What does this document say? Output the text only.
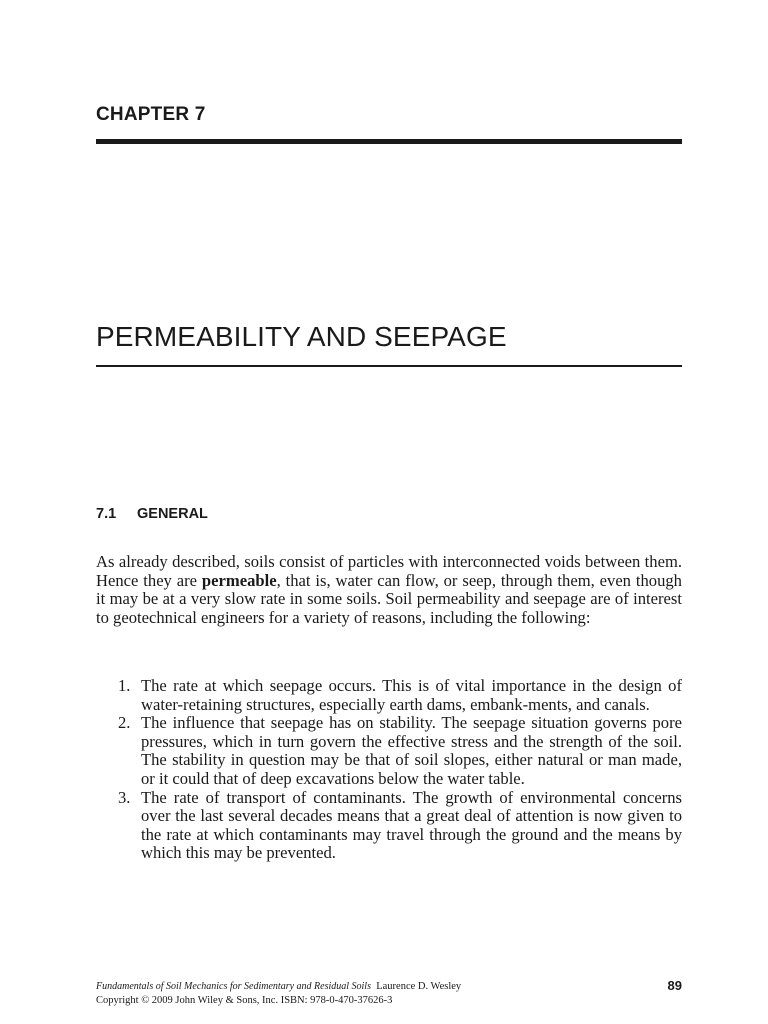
CHAPTER 7
PERMEABILITY AND SEEPAGE
7.1 GENERAL

As already described, soils consist of particles with interconnected voids between them. Hence they are permeable, that is, water can flow, or seep, through them, even though it may be at a very slow rate in some soils. Soil permeability and seepage are of interest to geotechnical engineers for a variety of reasons, including the following:

1. The rate at which seepage occurs. This is of vital importance in the design of water-retaining structures, especially earth dams, embank-ments, and canals.
2. The influence that seepage has on stability. The seepage situation governs pore pressures, which in turn govern the effective stress and the strength of the soil. The stability in question may be that of soil slopes, either natural or man made, or it could that of deep excavations below the water table.
3. The rate of transport of contaminants. The growth of environmental concerns over the last several decades means that a great deal of attention is now given to the rate at which contaminants may travel through the ground and the means by which this may be prevented.
Fundamentals of Soil Mechanics for Sedimentary and Residual Soils Laurence D. Wesley
Copyright © 2009 John Wiley & Sons, Inc. ISBN: 978-0-470-37626-3
89
